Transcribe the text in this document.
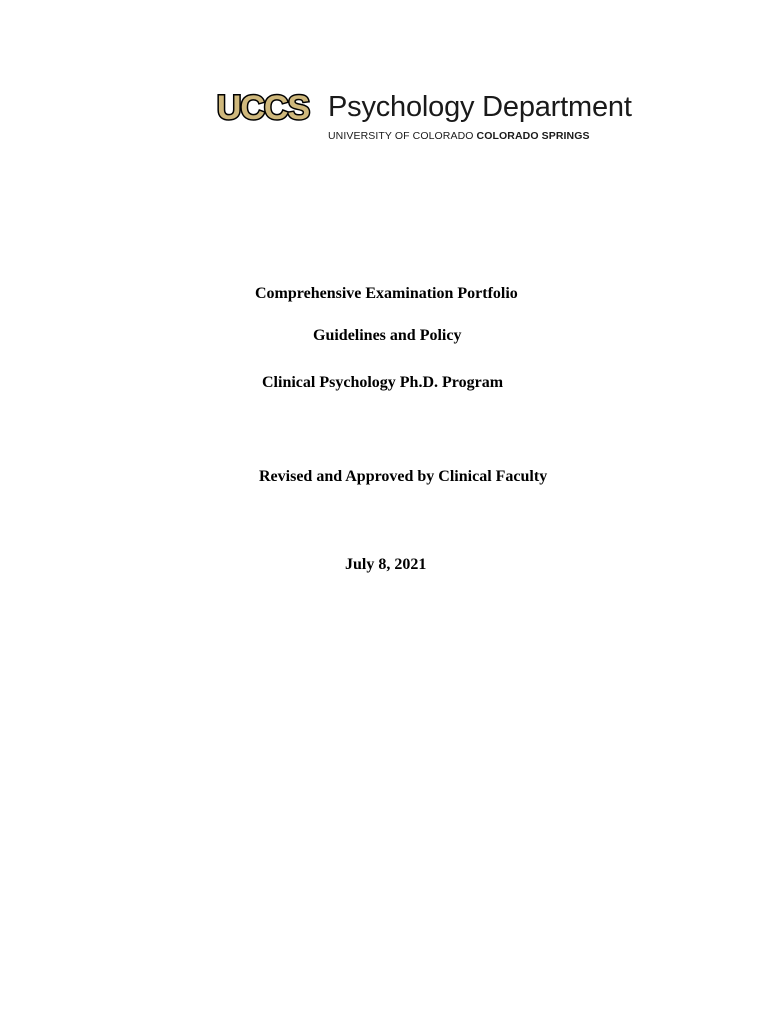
UCCS Psychology Department
UNIVERSITY OF COLORADO COLORADO SPRINGS
Comprehensive Examination Portfolio
Guidelines and Policy
Clinical Psychology Ph.D. Program
Revised and Approved by Clinical Faculty
July 8, 2021
